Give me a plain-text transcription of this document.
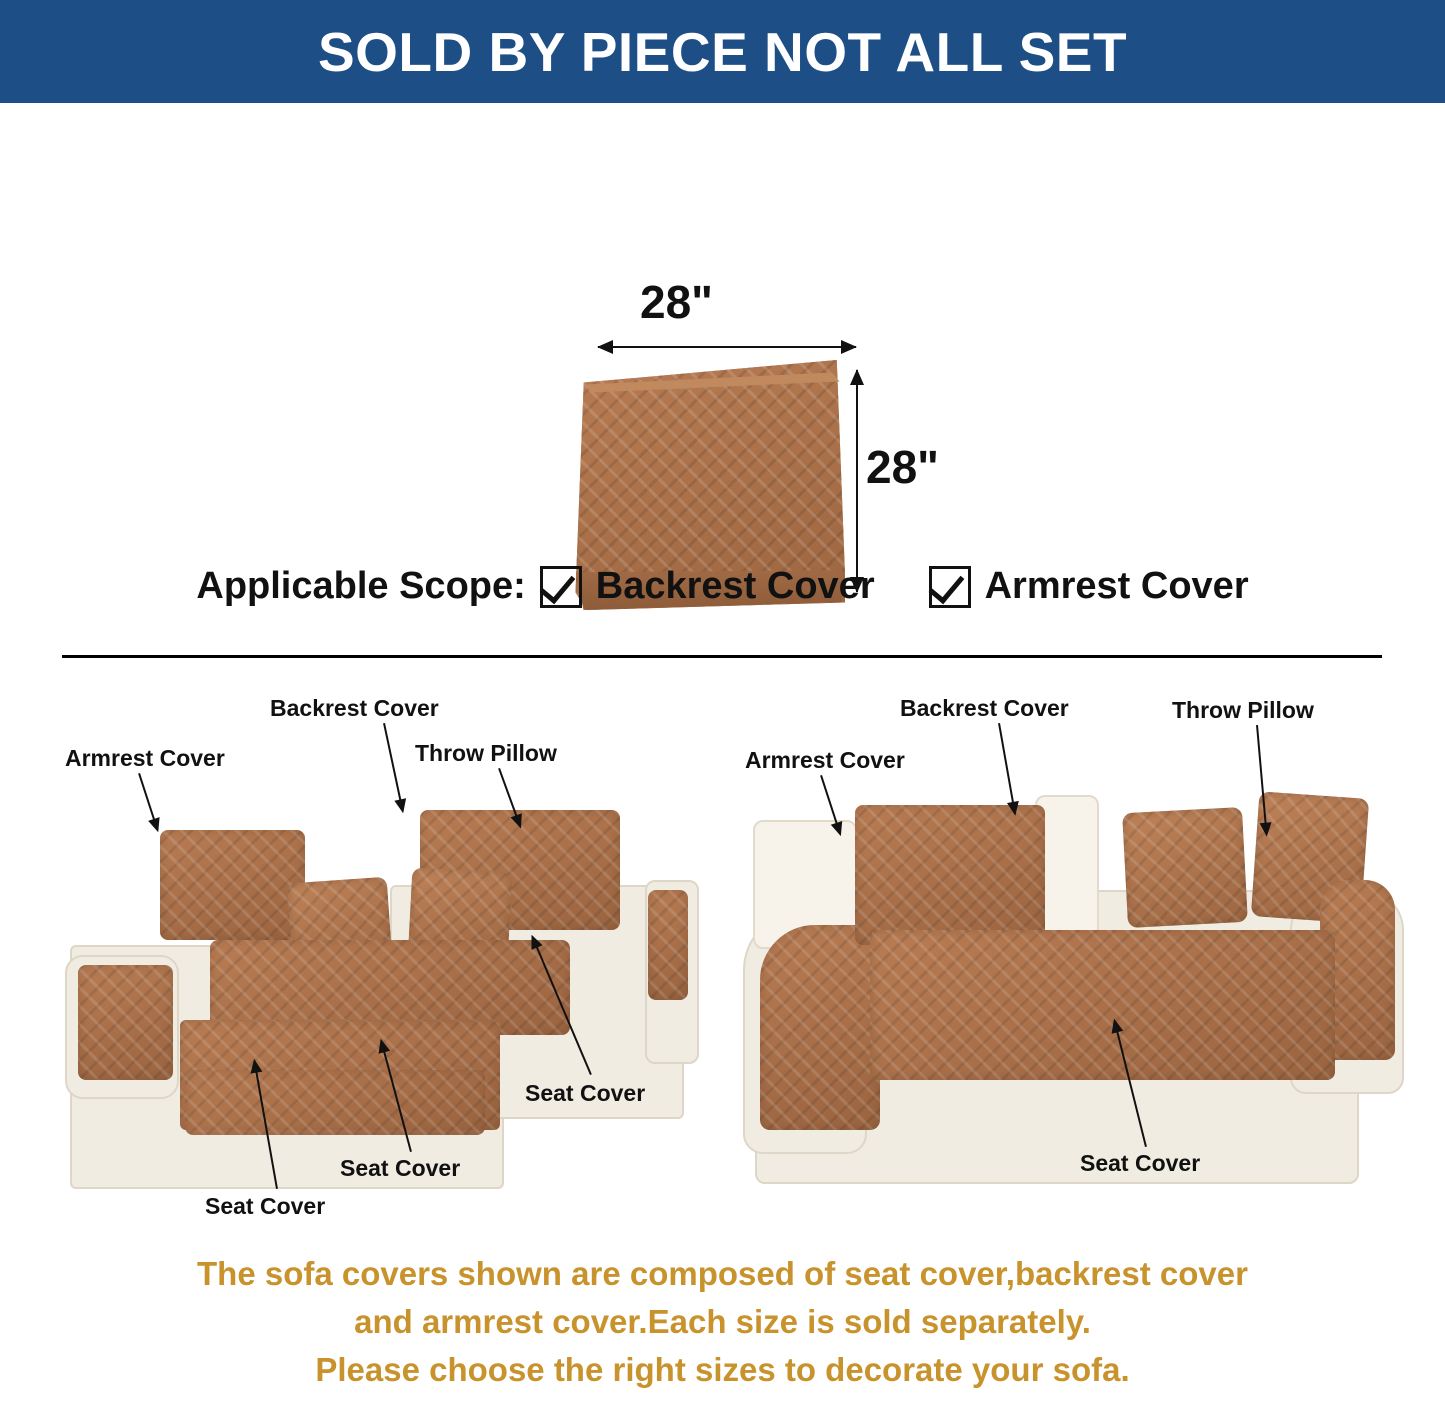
SOLD BY PIECE NOT ALL SET
28"
28"
Applicable Scope: Backrest Cover	Armrest Cover
Armrest Cover
Backrest Cover
Throw Pillow
Seat Cover
Seat Cover
Seat Cover
Armrest Cover
Backrest Cover	Throw Pillow
Seat Cover
The sofa covers shown are composed of seat cover,backrest cover
and armrest cover.Each size is sold separately.
Please choose the right sizes to decorate your sofa.
